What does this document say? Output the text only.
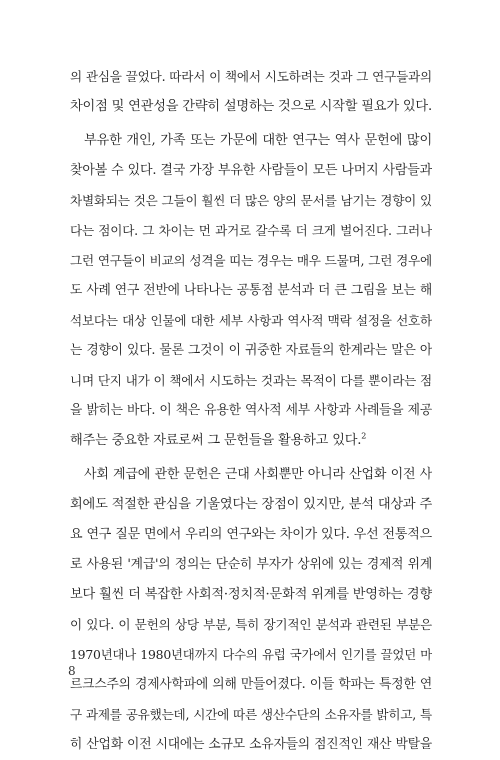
의 관심을 끌었다. 따라서 이 책에서 시도하려는 것과 그 연구들과의
차이점 및 연관성을 간략히 설명하는 것으로 시작할 필요가 있다.
부유한 개인, 가족 또는 가문에 대한 연구는 역사 문헌에 많이
찾아볼 수 있다. 결국 가장 부유한 사람들이 모든 나머지 사람들과
차별화되는 것은 그들이 훨씬 더 많은 양의 문서를 남기는 경향이 있
다는 점이다. 그 차이는 먼 과거로 갈수록 더 크게 벌어진다. 그러나
그런 연구들이 비교의 성격을 띠는 경우는 매우 드물며, 그런 경우에
도 사례 연구 전반에 나타나는 공통점 분석과 더 큰 그림을 보는 해
석보다는 대상 인물에 대한 세부 사항과 역사적 맥락 설정을 선호하
는 경향이 있다. 물론 그것이 이 귀중한 자료들의 한계라는 말은 아
니며 단지 내가 이 책에서 시도하는 것과는 목적이 다를 뿐이라는 점
을 밝히는 바다. 이 책은 유용한 역사적 세부 사항과 사례들을 제공
해주는 중요한 자료로써 그 문헌들을 활용하고 있다.$^2$
사회 계급에 관한 문헌은 근대 사회뿐만 아니라 산업화 이전 사
회에도 적절한 관심을 기울였다는 장점이 있지만, 분석 대상과 주
요 연구 질문 면에서 우리의 연구와는 차이가 있다. 우선 전통적으
로 사용된 '계급'의 정의는 단순히 부자가 상위에 있는 경제적 위계
보다 훨씬 더 복잡한 사회적·정치적·문화적 위계를 반영하는 경향
이 있다. 이 문헌의 상당 부분, 특히 장기적인 분석과 관련된 부분은
1970년대나 1980년대까지 다수의 유럽 국가에서 인기를 끌었던 마
르크스주의 경제사학파에 의해 만들어졌다. 이들 학파는 특정한 연
구 과제를 공유했는데, 시간에 따른 생산수단의 소유자를 밝히고, 특
히 산업화 이전 시대에는 소규모 소유자들의 점진적인 재산 박탈을
8
